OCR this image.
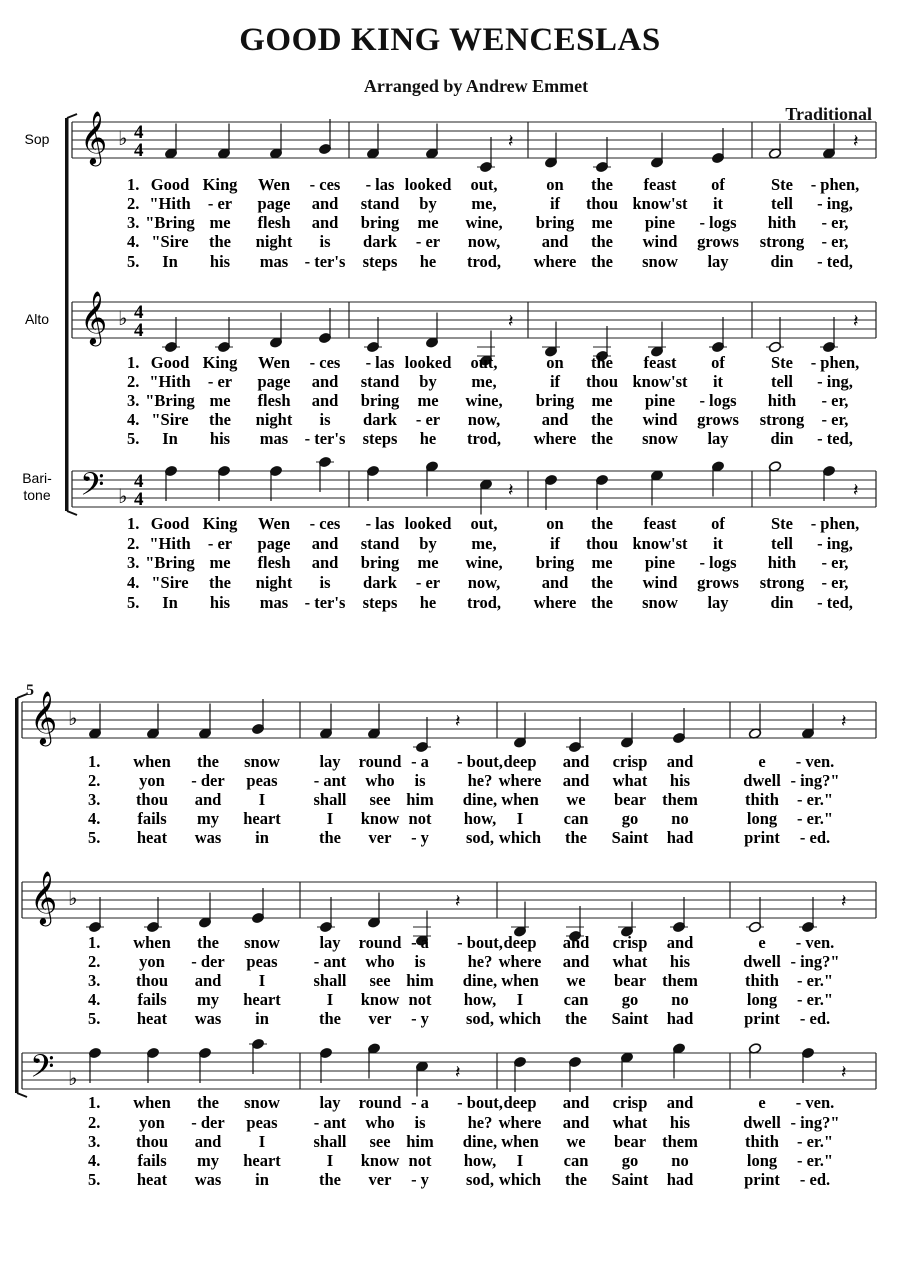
GOOD KING WENCESLAS
Arranged by Andrew Emmet
Traditional
5
𝄞 ♭ 4
4
Sop	𝄽	𝄽
1. Good King Wen - ces - las looked out,	on the feast of	Ste - phen,
2. "Hith - er page and stand by me,	if thou know'st it	tell - ing,
3. "Bring me flesh and bring me wine, bring me pine - logs hith - er,
4. "Sire the night is dark - er now,	and the wind grows strong - er,
5. In his mas - ter's steps he trod, where the snow lay	din - ted,
𝄞 ♭ 4
4
Alto	𝄽	𝄽
1. Good King Wen - ces - las looked out,	on the feast of	Ste - phen,
2. "Hith - er page and stand by me,	if thou know'st it	tell - ing,
3. "Bring me flesh and bring me wine, bring me pine - logs hith - er,
4. "Sire the night is dark - er now,	and the wind grows strong - er,
5. In his mas - ter's steps he trod, where the snow lay	din - ted,
𝄢 ♭
4
4
Bari-
tone	𝄽	𝄽
1. Good King Wen - ces - las looked out,	on the feast of	Ste - phen,
2. "Hith - er page and stand by me,	if thou know'st it	tell - ing,
3. "Bring me flesh and bring me wine, bring me pine - logs hith - er,
4. "Sire the night is dark - er now,	and the wind grows strong - er,
5. In his mas - ter's steps he trod, where the snow lay	din - ted,
𝄞 ♭	𝄽	𝄽
1. when the snow lay round - a - bout, deep and crisp and	e - ven.
2. yon - der peas - ant who is	he? where and what his	dwell - ing?"
3. thou and I	shall see him dine, when we bear them	thith - er."
4. fails my heart	I know not how, I can go no	long - er."
5. heat was in	the ver - y sod, which the Saint had	print - ed.
𝄞 ♭	𝄽	𝄽
1. when the snow lay round - a - bout, deep and crisp and	e - ven.
2. yon - der peas - ant who is	he? where and what his	dwell - ing?"
3. thou and I	shall see him dine, when we bear them	thith - er."
4. fails my heart	I know not how, I can go no	long - er."
5. heat was in	the ver - y sod, which the Saint had	print - ed.
𝄢 ♭	𝄽	𝄽
1. when the snow lay round - a - bout, deep and crisp and	e - ven.
2. yon - der peas - ant who is	he? where and what his	dwell - ing?"
3. thou and I	shall see him dine, when we bear them	thith - er."
4. fails my heart	I know not how, I can go no	long - er."
5. heat was in	the ver - y sod, which the Saint had	print - ed.
